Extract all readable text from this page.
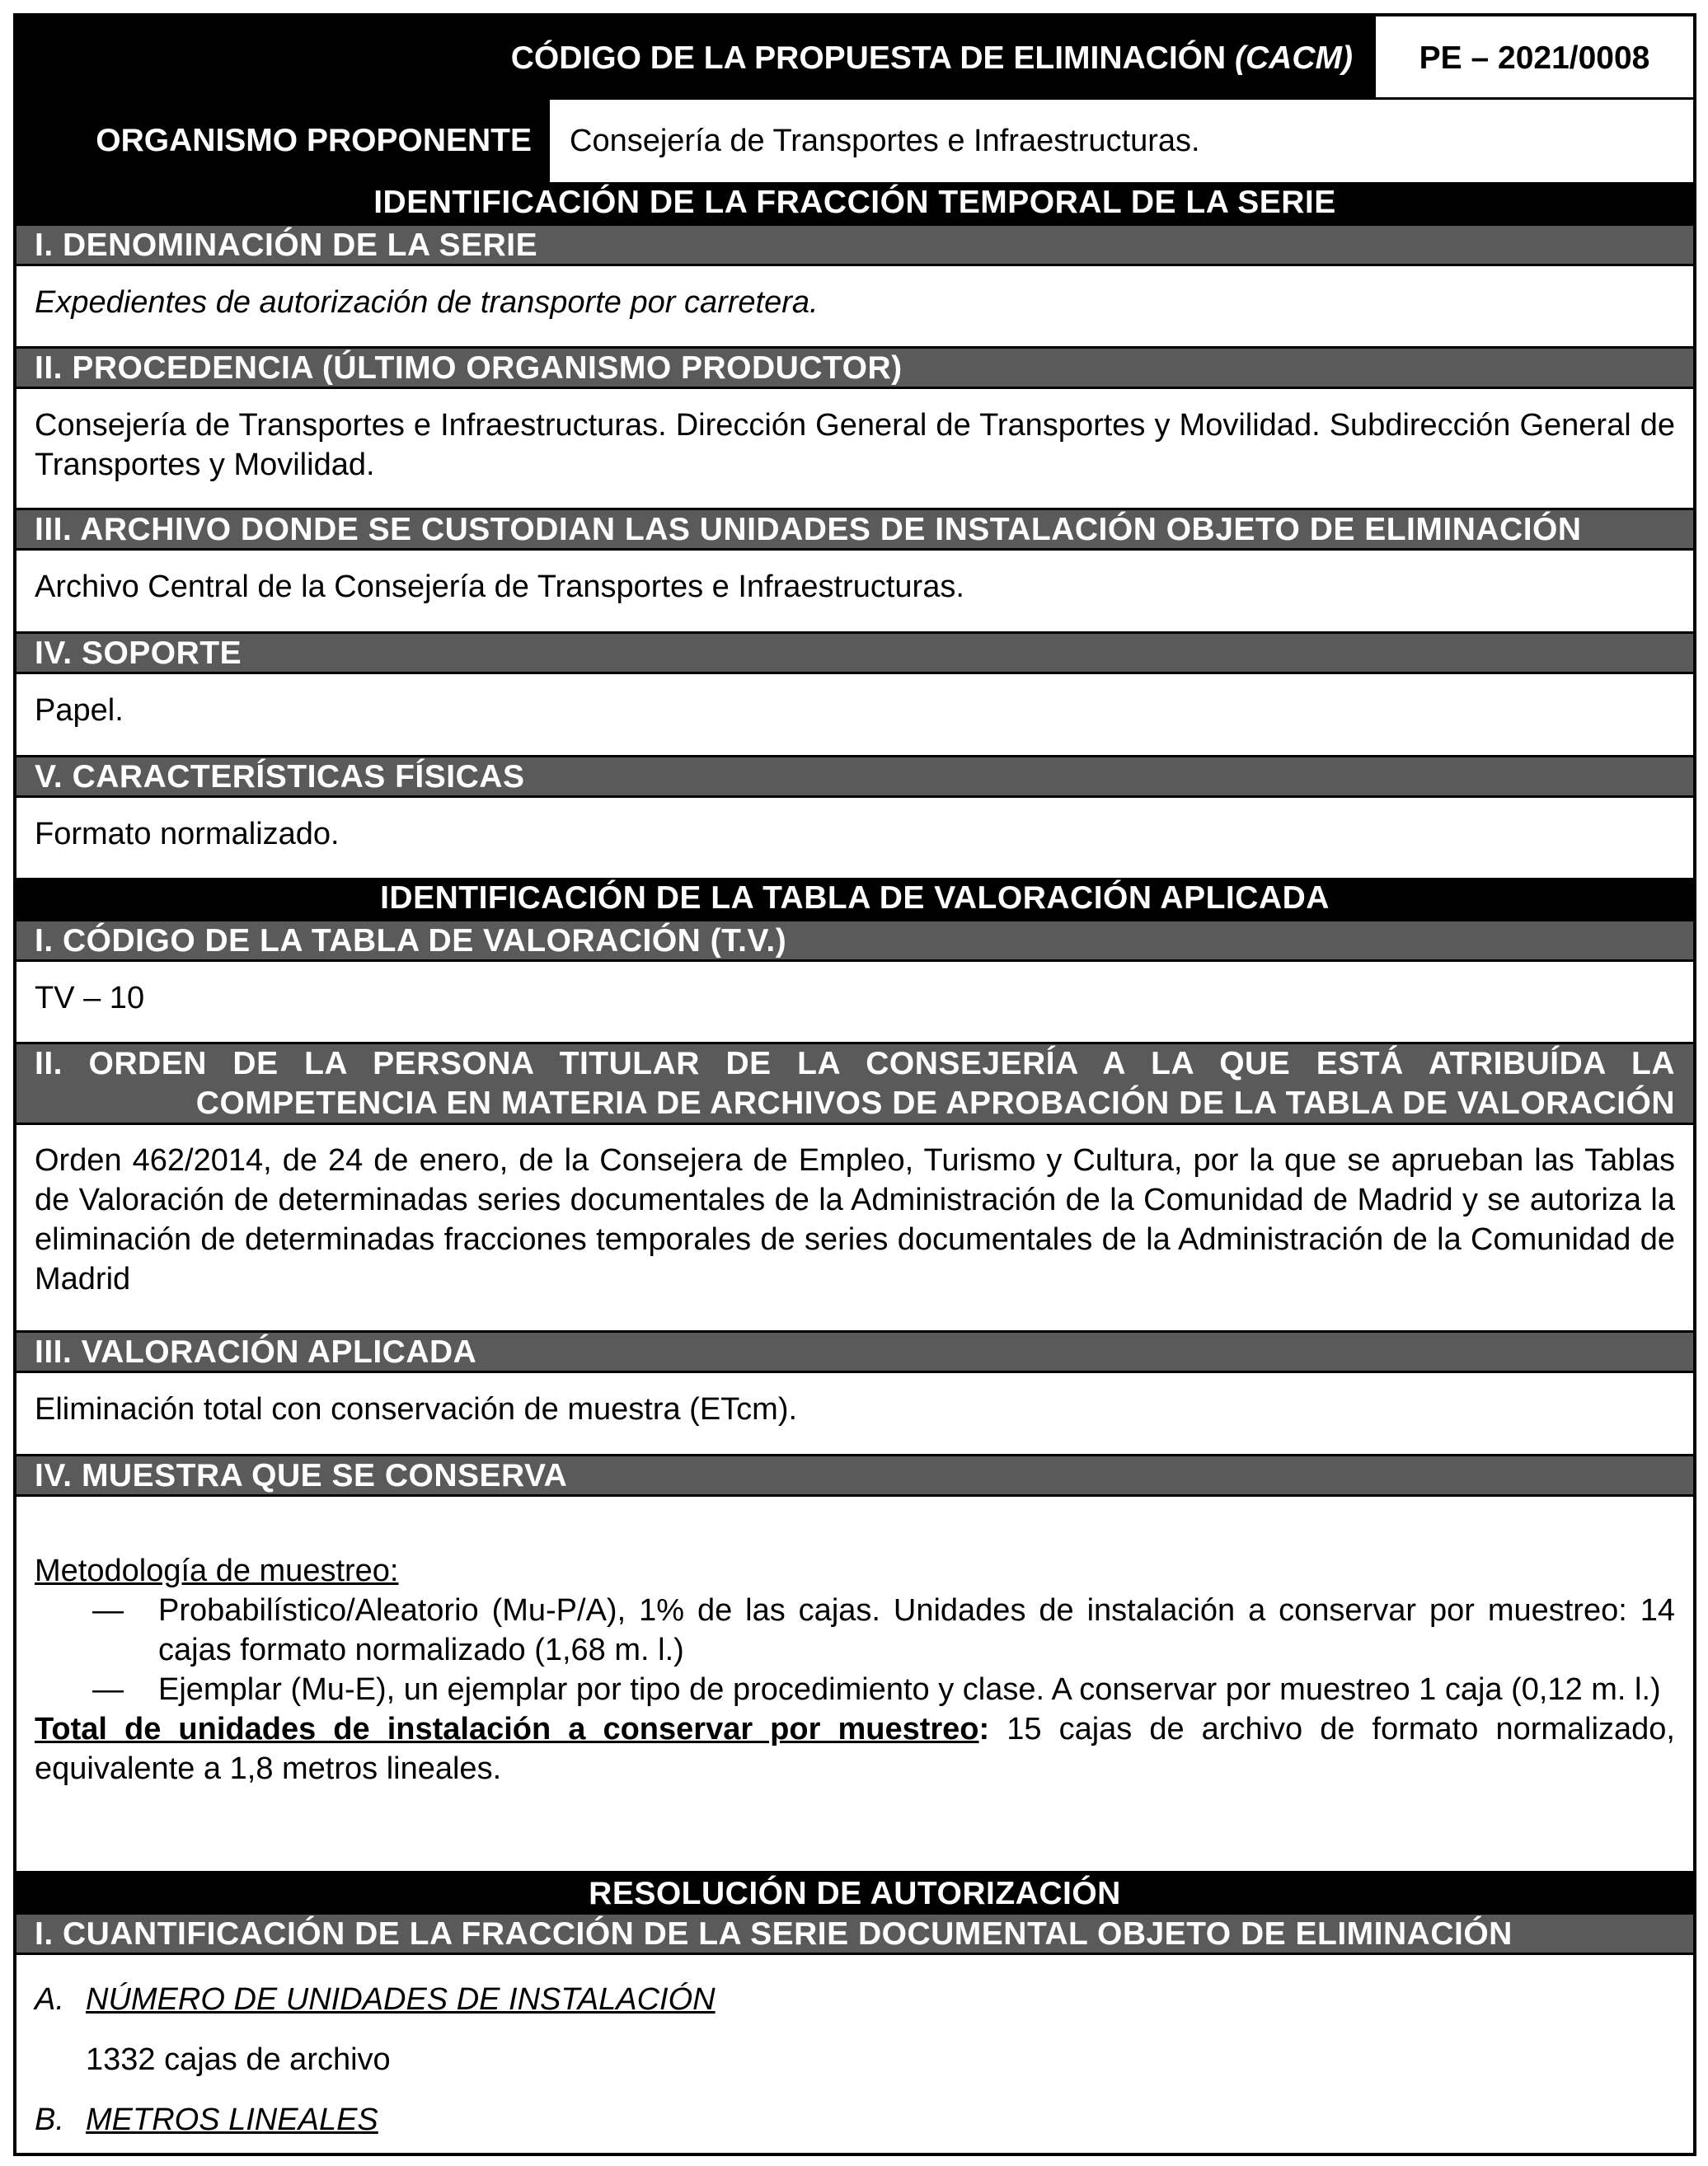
CÓDIGO DE LA PROPUESTA DE ELIMINACIÓN (CACM)	PE – 2021/0008
ORGANISMO PROPONENTE	Consejería de Transportes e Infraestructuras.
IDENTIFICACIÓN DE LA FRACCIÓN TEMPORAL DE LA SERIE
I. DENOMINACIÓN DE LA SERIE
Expedientes de autorización de transporte por carretera.
II. PROCEDENCIA (ÚLTIMO ORGANISMO PRODUCTOR)
Consejería de Transportes e Infraestructuras. Dirección General de Transportes y Movilidad. Subdirección General de Transportes y Movilidad.
III. ARCHIVO DONDE SE CUSTODIAN LAS UNIDADES DE INSTALACIÓN OBJETO DE ELIMINACIÓN
Archivo Central de la Consejería de Transportes e Infraestructuras.
IV. SOPORTE
Papel.
V. CARACTERÍSTICAS FÍSICAS
Formato normalizado.
IDENTIFICACIÓN DE LA TABLA DE VALORACIÓN APLICADA
I. CÓDIGO DE LA TABLA DE VALORACIÓN (T.V.)
TV – 10
II. ORDEN DE LA PERSONA TITULAR DE LA CONSEJERÍA A LA QUE ESTÁ ATRIBUÍDA LA
COMPETENCIA EN MATERIA DE ARCHIVOS DE APROBACIÓN DE LA TABLA DE VALORACIÓN
Orden 462/2014, de 24 de enero, de la Consejera de Empleo, Turismo y Cultura, por la que se aprueban las Tablas de Valoración de determinadas series documentales de la Administración de la Comunidad de Madrid y se autoriza la eliminación de determinadas fracciones temporales de series documentales de la Administración de la Comunidad de Madrid
III. VALORACIÓN APLICADA
Eliminación total con conservación de muestra (ETcm).
IV. MUESTRA QUE SE CONSERVA
Metodología de muestreo:
— Probabilístico/Aleatorio (Mu-P/A), 1% de las cajas. Unidades de instalación a conservar por muestreo: 14 cajas formato normalizado (1,68 m. l.)
— Ejemplar (Mu-E), un ejemplar por tipo de procedimiento y clase. A conservar por muestreo 1 caja (0,12 m. l.)
Total de unidades de instalación a conservar por muestreo: 15 cajas de archivo de formato normalizado, equivalente a 1,8 metros lineales.
RESOLUCIÓN DE AUTORIZACIÓN
I. CUANTIFICACIÓN DE LA FRACCIÓN DE LA SERIE DOCUMENTAL OBJETO DE ELIMINACIÓN
A. NÚMERO DE UNIDADES DE INSTALACIÓN
1332 cajas de archivo
B. METROS LINEALES
